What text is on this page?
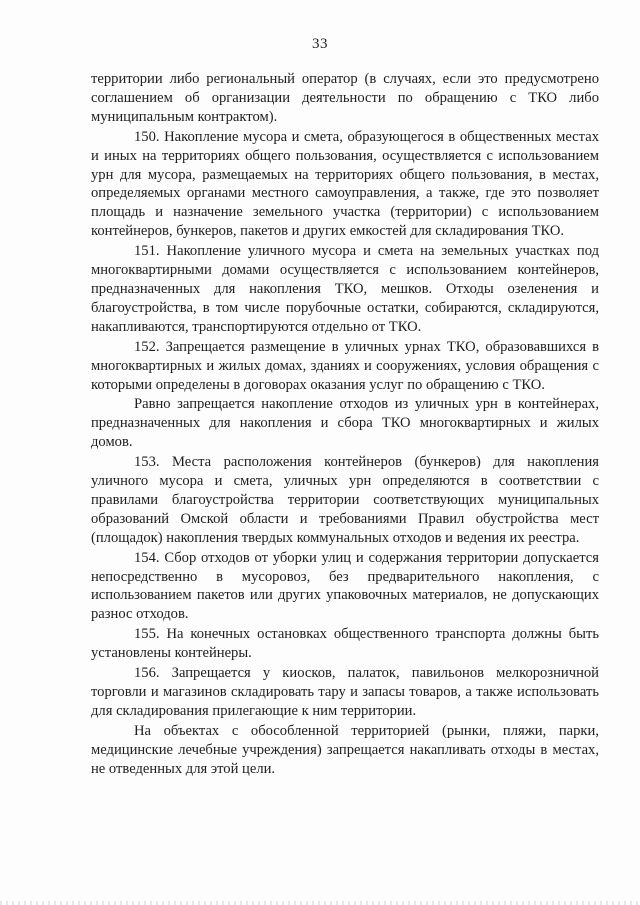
33

территории либо региональный оператор (в случаях, если это предусмотрено соглашением об организации деятельности по обращению с ТКО либо муниципальным контрактом).

150. Накопление мусора и смета, образующегося в общественных местах и иных на территориях общего пользования, осуществляется с использованием урн для мусора, размещаемых на территориях общего пользования, в местах, определяемых органами местного самоуправления, а также, где это позволяет площадь и назначение земельного участка (территории) с использованием контейнеров, бункеров, пакетов и других емкостей для складирования ТКО.

151. Накопление уличного мусора и смета на земельных участках под многоквартирными домами осуществляется с использованием контейнеров, предназначенных для накопления ТКО, мешков. Отходы озеленения и благоустройства, в том числе порубочные остатки, собираются, складируются, накапливаются, транспортируются отдельно от ТКО.

152. Запрещается размещение в уличных урнах ТКО, образовавшихся в многоквартирных и жилых домах, зданиях и сооружениях, условия обращения с которыми определены в договорах оказания услуг по обращению с ТКО.

Равно запрещается накопление отходов из уличных урн в контейнерах, предназначенных для накопления и сбора ТКО многоквартирных и жилых домов.

153. Места расположения контейнеров (бункеров) для накопления уличного мусора и смета, уличных урн определяются в соответствии с правилами благоустройства территории соответствующих муниципальных образований Омской области и требованиями Правил обустройства мест (площадок) накопления твердых коммунальных отходов и ведения их реестра.

154. Сбор отходов от уборки улиц и содержания территории допускается непосредственно в мусоровоз, без предварительного накопления, с использованием пакетов или других упаковочных материалов, не допускающих разнос отходов.

155. На конечных остановках общественного транспорта должны быть установлены контейнеры.

156. Запрещается у киосков, палаток, павильонов мелкорозничной торговли и магазинов складировать тару и запасы товаров, а также использовать для складирования прилегающие к ним территории.

На объектах с обособленной территорией (рынки, пляжи, парки, медицинские лечебные учреждения) запрещается накапливать отходы в местах, не отведенных для этой цели.
